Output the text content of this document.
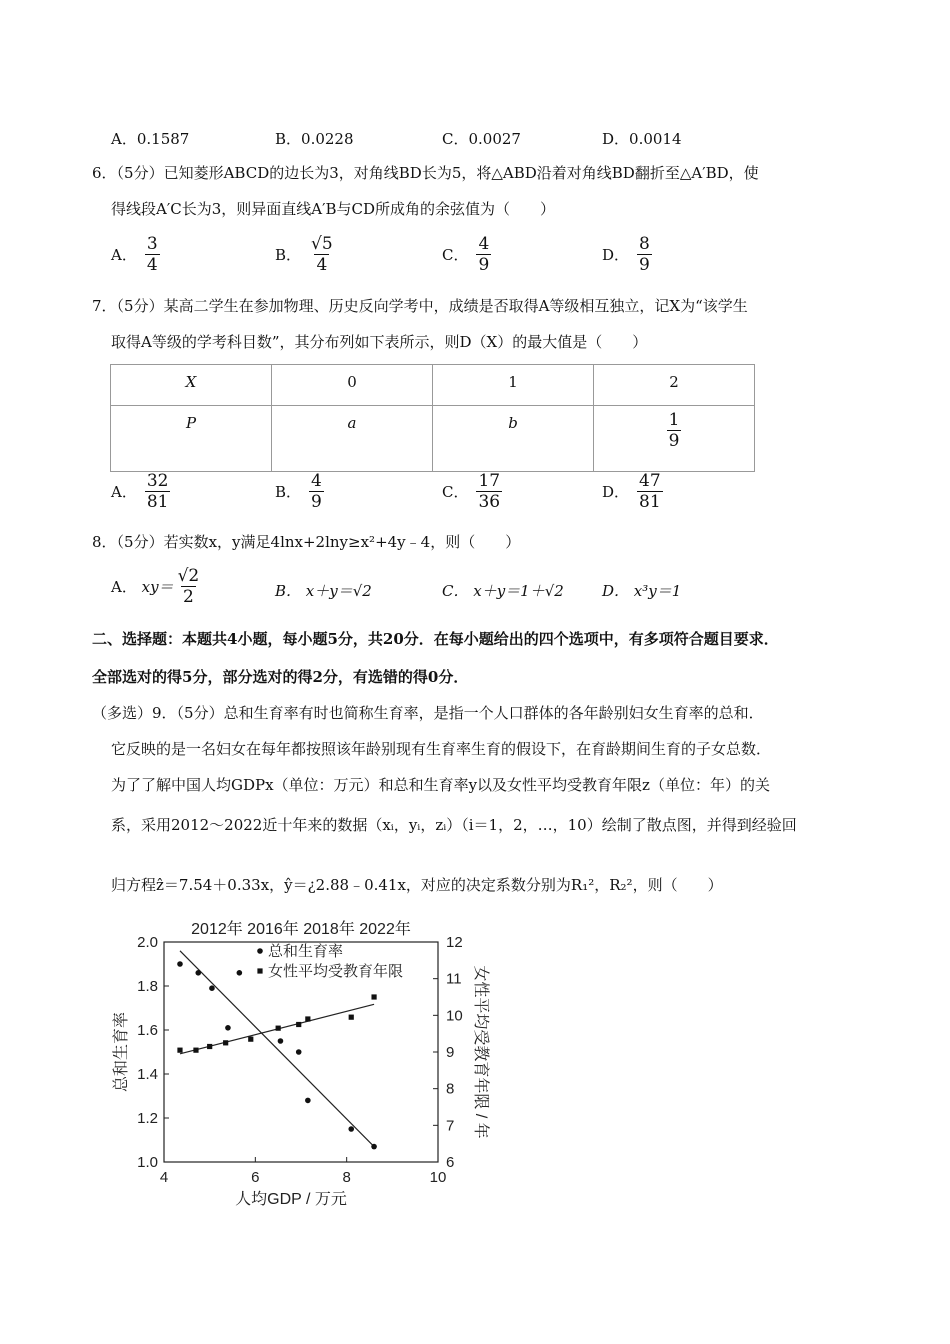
A．0.1587	B．0.0228	C．0.0027	D．0.0014
6．（5分）已知菱形ABCD的边长为3，对角线BD长为5，将△ABD沿着对角线BD翻折至△A′BD，使
得线段A′C长为3，则异面直线A′B与CD所成角的余弦值为（　　）
A． $\frac{3}{4}$	B． $\frac{√5}{4}$	C． $\frac{4}{9}$	D． $\frac{8}{9}$
7．（5分）某高二学生在参加物理、历史反向学考中，成绩是否取得A等级相互独立，记X为“该学生
取得A等级的学考科目数”，其分布列如下表所示，则D（X）的最大值是（　　）
X	0	1	2
P	a	b	$\frac{1}{9}$
A． $\frac{32}{81}$	B． $\frac{4}{9}$	C． $\frac{17}{36}$	D． $\frac{47}{81}$
8．（5分）若实数x，y满足4lnx+2lny≥x²+4y﹣4，则（　　）
A． $xy= \frac{√2}{2}$	B． x＋y＝√2	C． x＋y＝1＋√2	D． x³y＝1
二、选择题：本题共4小题，每小题5分，共20分．在每小题给出的四个选项中，有多项符合题目要求．
全部选对的得5分，部分选对的得2分，有选错的得0分．
（多选）9．（5分）总和生育率有时也简称生育率，是指一个人口群体的各年龄别妇女生育率的总和．
它反映的是一名妇女在每年都按照该年龄别现有生育率生育的假设下，在育龄期间生育的子女总数．
为了了解中国人均GDPx（单位：万元）和总和生育率y以及女性平均受教育年限z（单位：年）的关
系，采用2012～2022近十年来的数据（xᵢ，yᵢ，zᵢ）（i＝1，2，…，10）绘制了散点图，并得到经验回
归方程ẑ＝7.54＋0.33x，ŷ＝¿2.88﹣0.41x，对应的决定系数分别为R₁²，R₂²，则（　　）
2012年 2016年 2018年 2022年
4	6	8	10
1.0
1.2
1.4
1.6
1.8
2.0
6
7
8
9
10
11
12
人均GDP / 万元
总和生育率	女性平均受教育年限 / 年
总和生育率
女性平均受教育年限
